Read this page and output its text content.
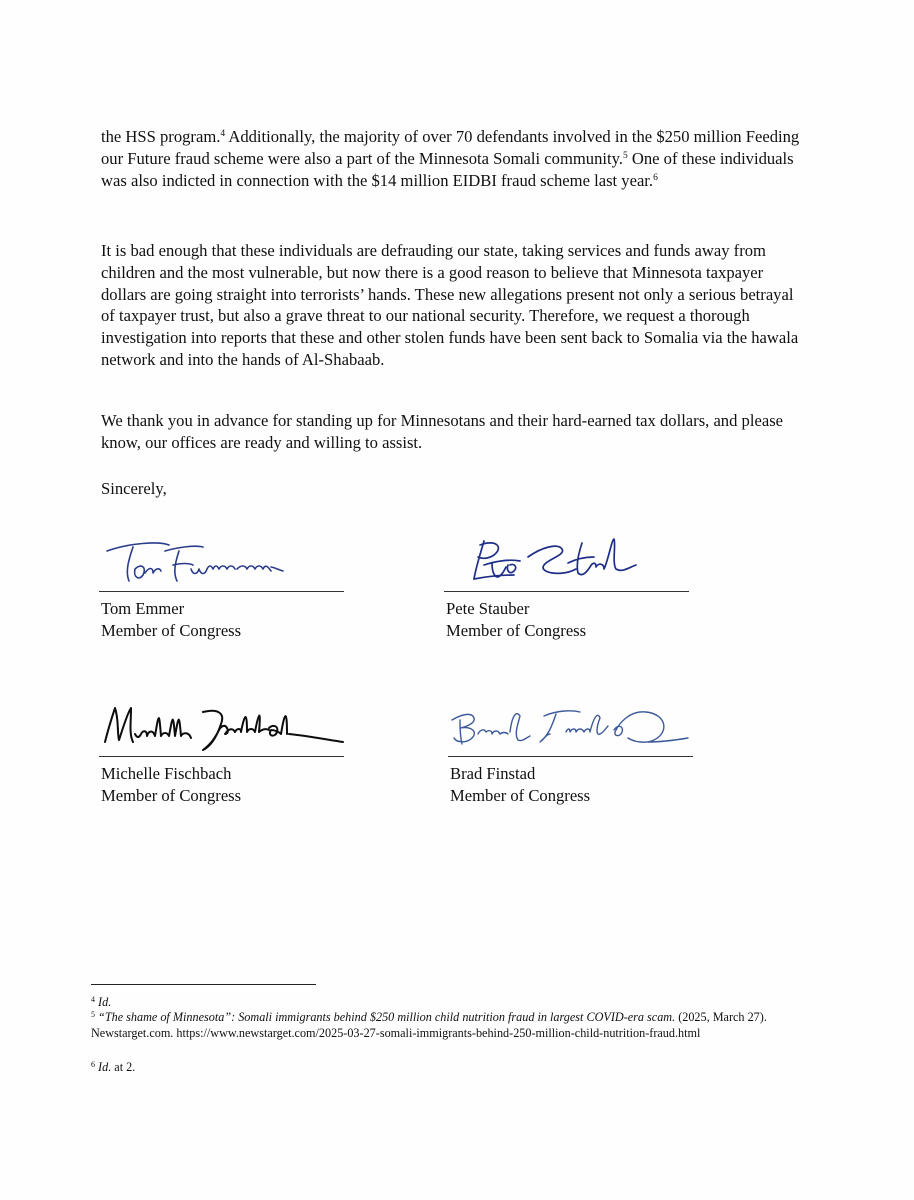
the HSS program.$^4$ Additionally, the majority of over 70 defendants involved in the $250 million Feeding our Future fraud scheme were also a part of the Minnesota Somali community.$^5$ One of these individuals was also indicted in connection with the $14 million EIDBI fraud scheme last year.$^6$

It is bad enough that these individuals are defrauding our state, taking services and funds away from children and the most vulnerable, but now there is a good reason to believe that Minnesota taxpayer dollars are going straight into terrorists’ hands. These new allegations present not only a serious betrayal of taxpayer trust, but also a grave threat to our national security. Therefore, we request a thorough investigation into reports that these and other stolen funds have been sent back to Somalia via the hawala network and into the hands of Al-Shabaab.

We thank you in advance for standing up for Minnesotans and their hard-earned tax dollars, and please know, our offices are ready and willing to assist.

Sincerely,

Tom Emmer
Member of Congress
Pete Stauber
Member of Congress
Michelle Fischbach
Member of Congress
Brad Finstad
Member of Congress

$^4$ Id.

$^5$ “The shame of Minnesota”: Somali immigrants behind $250 million child nutrition fraud in largest COVID-era scam. (2025, March 27). Newstarget.com. https://www.newstarget.com/2025-03-27-somali-immigrants-behind-250-million-child-nutrition-fraud.html

$^6$ Id. at 2.
